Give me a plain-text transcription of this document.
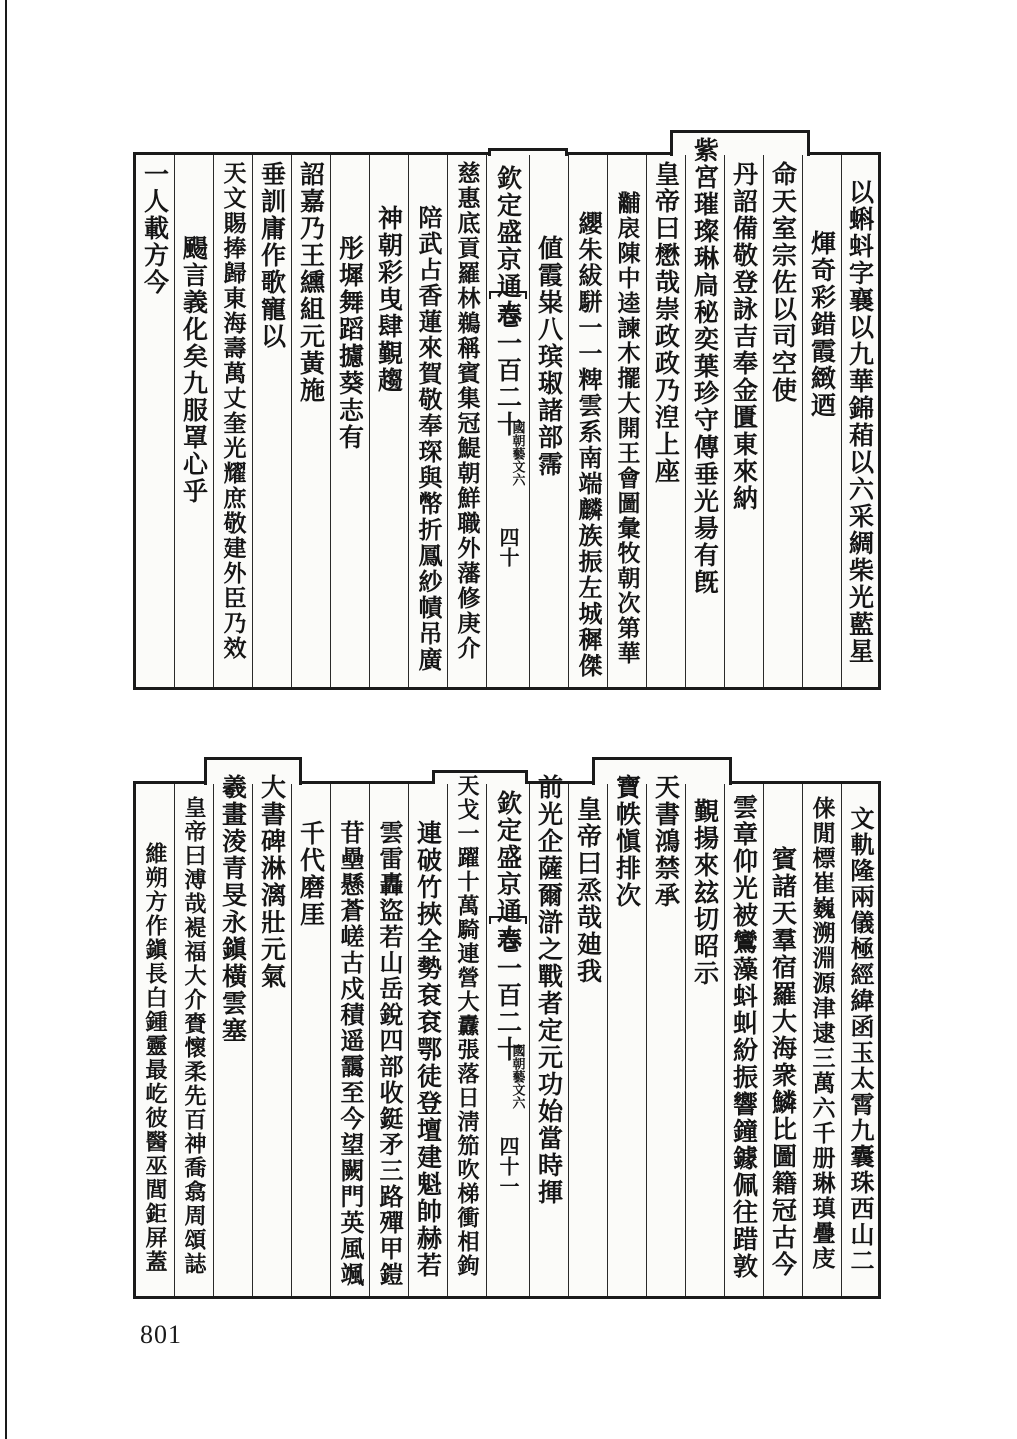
以蝌蚪字襄以九華錦葙以六采綢柴光藍星
煇奇彩錯霞緻迺
命天室宗佐以司空使
丹詔備敬登詠吉奉金匱東來納
紫宮璀璨琳扃秘奕葉珍守傳垂光昜有旣
皇帝曰懋哉崇政政乃湼上座
黼扆陳中逵諫木擺大開王會圖彙牧朝次第華
纓朱紱駢一一粺雲系南端麟族振左城穉傑
値霞粜八瑸琡諸部霈
欽定盛京通志
卷一百二十
國朝藝文六
四十
慈惠底貢羅林鵜稱賓集冠鯷朝鮮職外藩修庚介
陪武占香蓮來賀敬奉琛與幣折鳳紗幘吊廣
神朝彩曳肆覲趨
彤墀舞蹈攄葵志有
詔嘉乃王纁組元黃施
垂訓庸作歌寵以
天文賜捧歸東海壽萬丈奎光耀庶敬建外臣乃效
颺言義化矣九服罩心乎
一人載方今
文軌隆兩儀極經緯函玉太霄九囊珠西山二
俫閒標崔巍溯淵源津逮三萬六千册琳瑱疊庋
賓諸天羣宿羅大海衆鱗比圖籍冠古今
雲章仰光被鸞藻蚪虯紛振響鐘鐻佩往踖敦
覲揚來玆切昭示
天書鴻禁承
寶帙愼排次
皇帝曰烝哉廸我
前光企薩爾滸之戰者定元功始當時揮
欽定盛京通志
卷一百二十
國朝藝文六
四十一
天戈一躍十萬騎連營大纛張落日淸笳吹梯衝相鉤
連破竹挾全勢袞袞鄂徒登壇建魁帥赫若
雲雷轟盜若山岳銳四部收鋌矛三路殫甲鎧
苷壘懸蒼嵯古戍積遥靄至今望闕門英風颯
千代磨厓
大書碑淋漓壯元氣
羲畫淩青旻永鎭橫雲塞
皇帝曰溥哉褆福大介賚懷柔先百神喬翕周頌誌
維朔方作鎭長白鍾靈最屹彼醫巫閭鉅屏蓋
801
